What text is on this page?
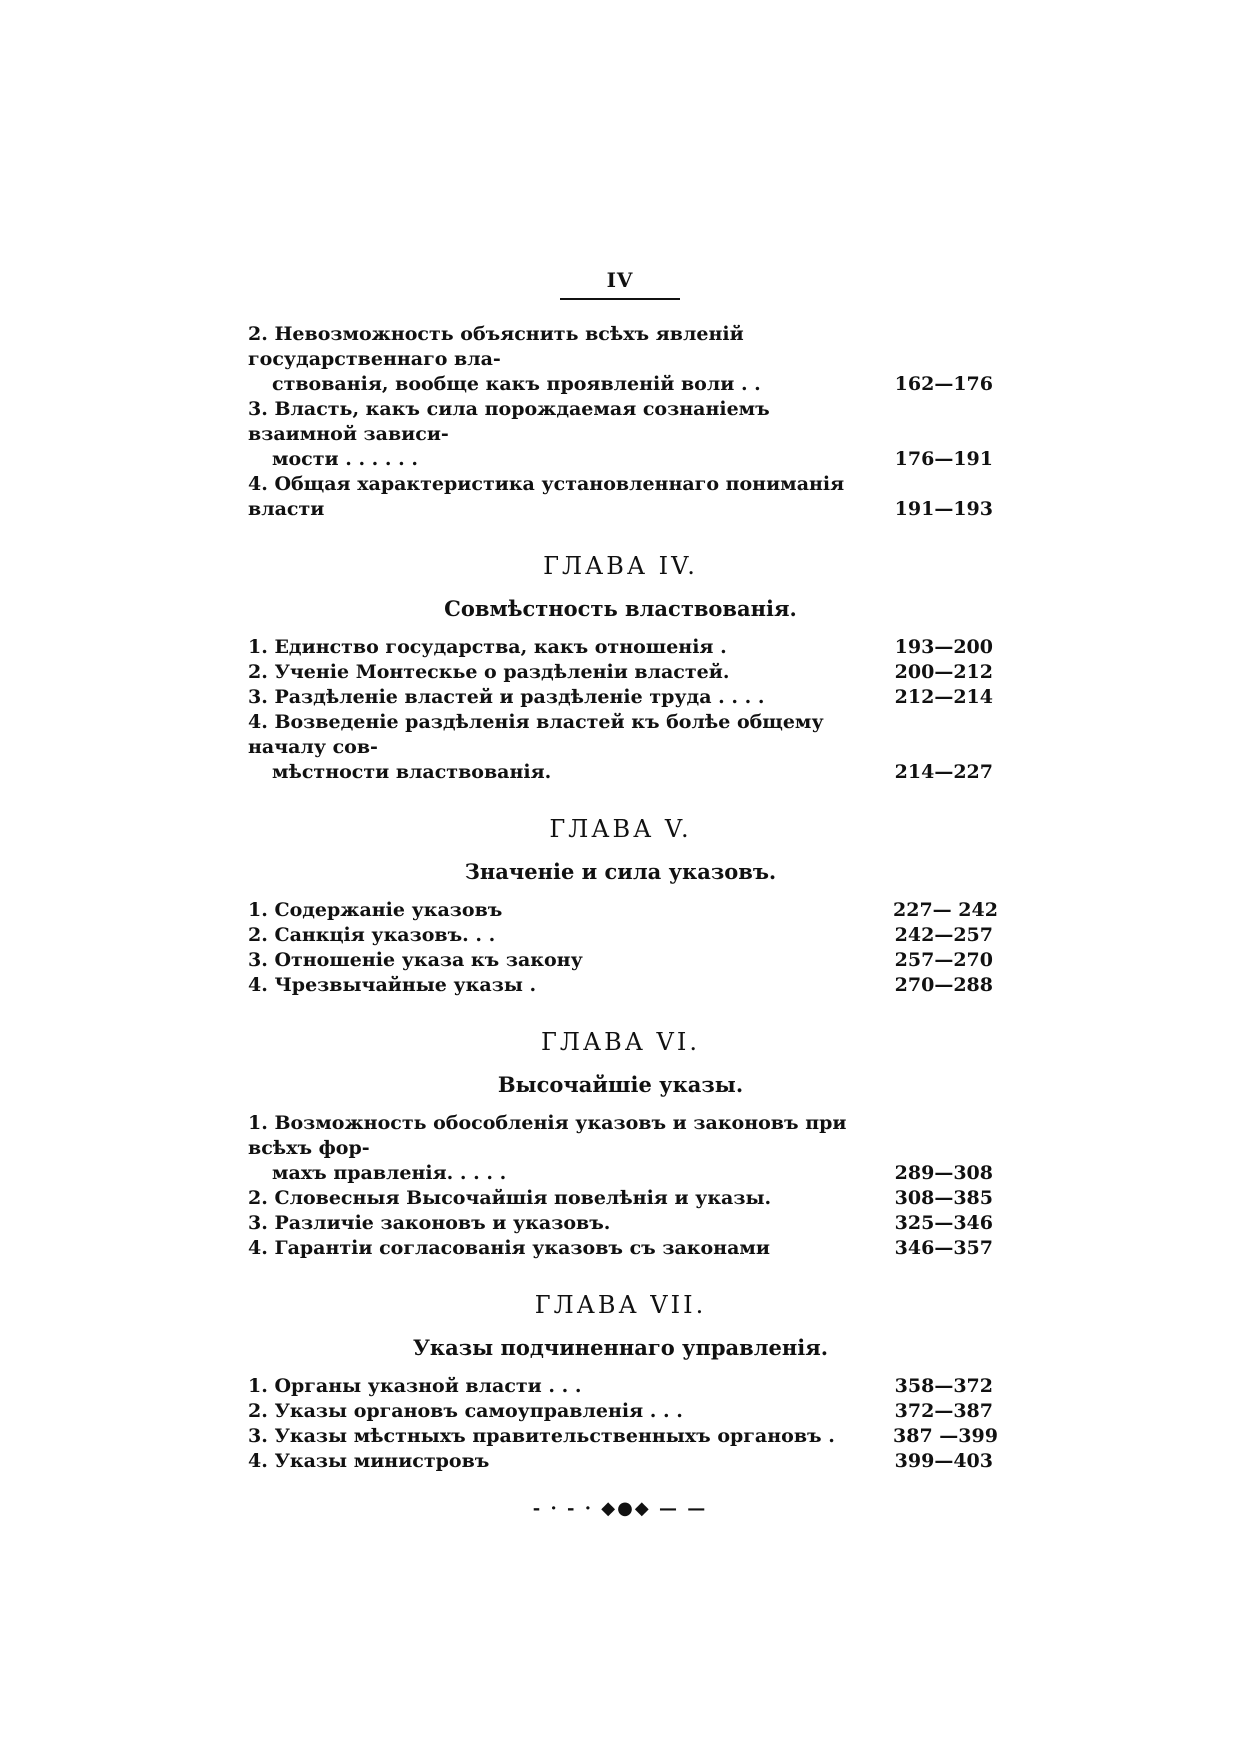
IV
2. Невозможность объяснить всѣхъ явленій государственнаго вла-
ствованія, вообще какъ проявленій воли . .	162—176
3. Власть, какъ сила порождаемая сознаніемъ взаимной зависи-
мости . . . . . .	176—191
4. Общая характеристика установленнаго пониманія власти	191—193
ГЛАВА IV.
Совмѣстность властвованія.
1. Единство государства, какъ отношенія .	193—200
2. Ученіе Монтескье о раздѣленіи властей.	200—212
3. Раздѣленіе властей и раздѣленіе труда . . . .	212—214
4. Возведеніе раздѣленія властей къ болѣе общему началу сов-
мѣстности властвованія.	214—227
ГЛАВА V.
Значеніе и сила указовъ.
1. Содержаніе указовъ	227— 242
2. Санкція указовъ. . .	242—257
3. Отношеніе указа къ закону	257—270
4. Чрезвычайные указы .	270—288
ГЛАВА VI.
Высочайшіе указы.
1. Возможность обособленія указовъ и законовъ при всѣхъ фор-
махъ правленія. . . . .	289—308
2. Словесныя Высочайшія повелѣнія и указы.	308—385
3. Различіе законовъ и указовъ.	325—346
4. Гарантіи согласованія указовъ съ законами	346—357
ГЛАВА VII.
Указы подчиненнаго управленія.
1. Органы указной власти . . .	358—372
2. Указы органовъ самоуправленія . . .	372—387
3. Указы мѣстныхъ правительственныхъ органовъ .	387 —399
4. Указы министровъ	399—403
- · - · ◆●◆ — —
